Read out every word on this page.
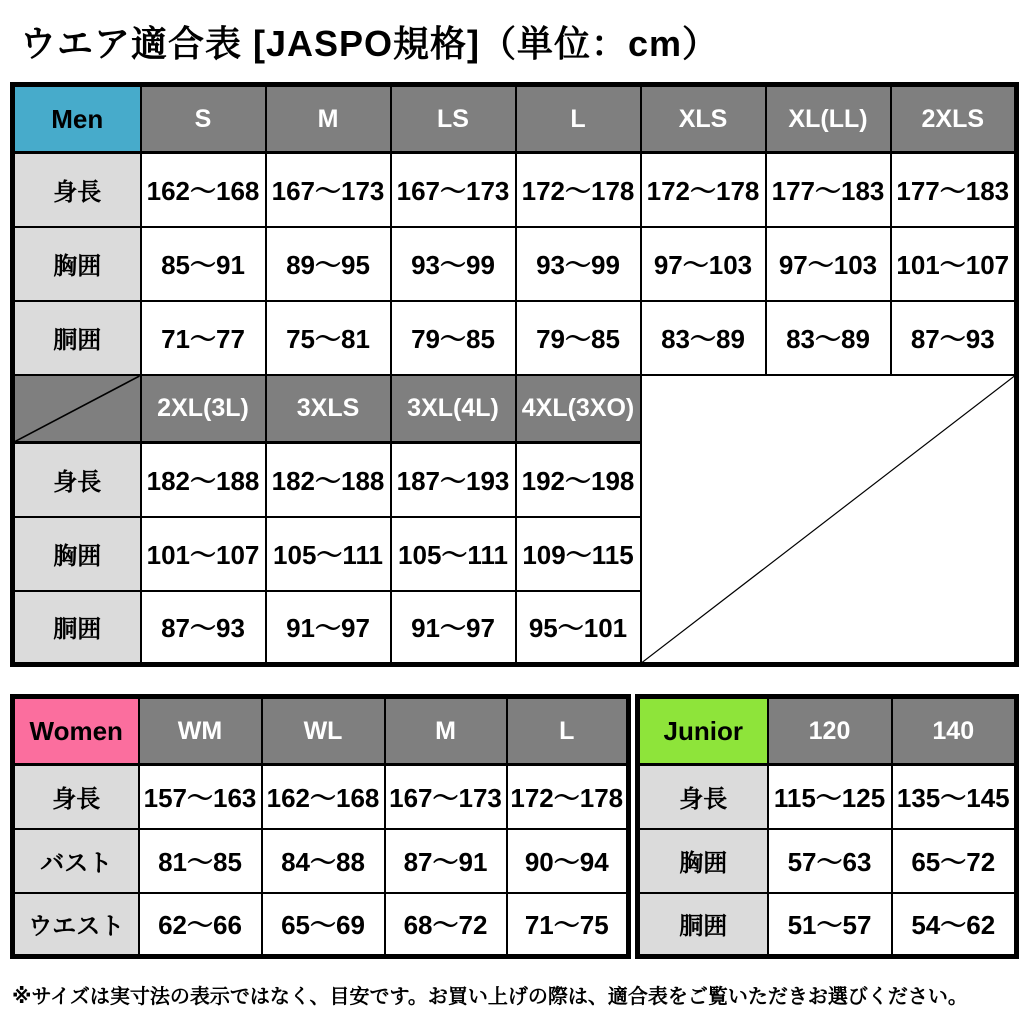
ウエア適合表 [JASPO規格]（単位：cm）
Men	S	M	LS	L	XLS	XL(LL)	2XLS
身長	162〜168	167〜173	167〜173	172〜178	172〜178	177〜183	177〜183
胸囲	85〜91	89〜95	93〜99	93〜99	97〜103	97〜103	101〜107
胴囲	71〜77	75〜81	79〜85	79〜85	83〜89	83〜89	87〜93

	2XL(3L)	3XLS	3XL(4L)	4XL(3XO)	

身長	182〜188	182〜188	187〜193	192〜198			
胸囲	101〜107	105〜111	105〜111	109〜115			
胴囲	87〜93	91〜97	91〜97	95〜101			
Women	WM	WL	M	L
身長	157〜163	162〜168	167〜173	172〜178
バスト	81〜85	84〜88	87〜91	90〜94
ウエスト	62〜66	65〜69	68〜72	71〜75
Junior	120	140
身長	115〜125	135〜145
胸囲	57〜63	65〜72
胴囲	51〜57	54〜62
※サイズは実寸法の表示ではなく、目安です。お買い上げの際は、適合表をご覧いただきお選びください。
